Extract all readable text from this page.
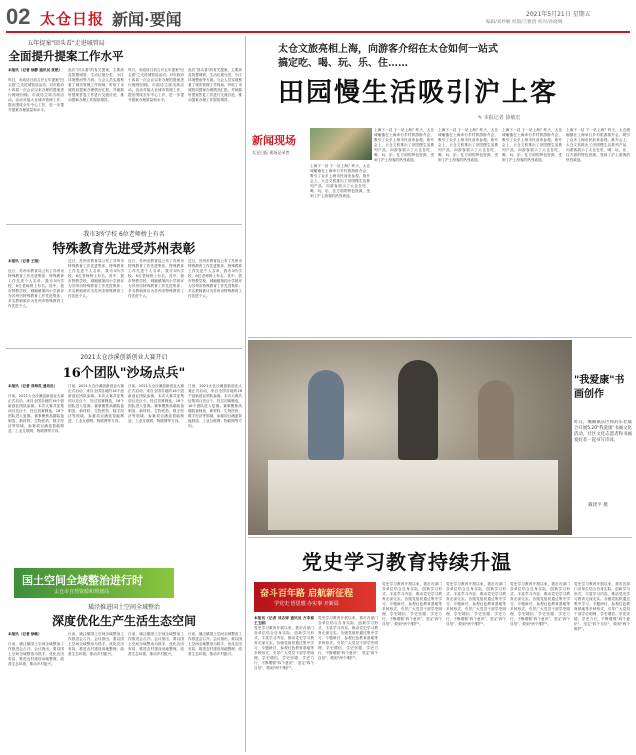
02 太仓日报 新闻·要闻	2021年5月21日 星期五
编辑/刘妙娴 校版/王雅倩 校对/孙晓晴
五年提案"回头看"走进城管局
全面提升提案工作水平
本报讯（记者 徐静 通讯员 张艳）
昨日，市政协日前召开五年提案"回头看"之走进城管局活动，对市政协十四届一次会议以来办理的提案进行梳理回顾。市政协主席出席活动。活动对接太仓城市管理工作，提出围绕全年中心工作，进一步提升提案办理质量和水平。
此次"回头看"的有关提案，主要涉及智慧城管、生活垃圾分类、小区环境整治等方面。与会人员实地察看了城市管理工作现场，听取了市城管局提案办理情况汇报，并就做好提案答复工作进行交流讨论，推动提案办理工作提质增效。
昨日，市政协日前召开五年提案"回头看"之走进城管局活动，对市政协十四届一次会议以来办理的提案进行梳理回顾。市政协主席出席活动。活动对接太仓城市管理工作，提出围绕全年中心工作，进一步提升提案办理质量和水平。
此次"回头看"的有关提案，主要涉及智慧城管、生活垃圾分类、小区环境整治等方面。与会人员实地察看了城市管理工作现场，听取了市城管局提案办理情况汇报，并就做好提案答复工作进行交流讨论，推动提案办理工作提质增效。
我市3所学校 6位老师榜上有名
特殊教育先进受苏州表彰
本报讯（记者 王娟）
近日，苏州市教育局公布了苏州市特殊教育工作先进集体、特殊教育工作先进个人名单，我市3所学校、6位老师榜上有名。其中，我市特教学校、城厢镇第四小学被评为苏州市特殊教育工作先进集体；多名教师被评为苏州市特殊教育工作先进个人。
近日，苏州市教育局公布了苏州市特殊教育工作先进集体、特殊教育工作先进个人名单，我市3所学校、6位老师榜上有名。其中，我市特教学校、城厢镇第四小学被评为苏州市特殊教育工作先进集体；多名教师被评为苏州市特殊教育工作先进个人。
近日，苏州市教育局公布了苏州市特殊教育工作先进集体、特殊教育工作先进个人名单，我市3所学校、6位老师榜上有名。其中，我市特教学校、城厢镇第四小学被评为苏州市特殊教育工作先进集体；多名教师被评为苏州市特殊教育工作先进个人。
近日，苏州市教育局公布了苏州市特殊教育工作先进集体、特殊教育工作先进个人名单，我市3所学校、6位老师榜上有名。其中，我市特教学校、城厢镇第四小学被评为苏州市特殊教育工作先进集体；多名教师被评为苏州市特殊教育工作先进个人。
2021太仓沙溪创新创业大赛开启
16个团队"沙场点兵"
本报讯（记者 苗海英 通讯员）
日前，2021太仓沙溪创新创业大赛正式启动，来自全国各地的16个创新创业团队参赛。本次大赛共征集项目近百个，经过初赛筛选，16个团队进入复赛。赛事聚焦高端装备制造、新材料、生物医药、数字经济等领域，参赛项目涵盖智能制造、工业互联网、物联网等方向。
日前，2021太仓沙溪创新创业大赛正式启动，来自全国各地的16个创新创业团队参赛。本次大赛共征集项目近百个，经过初赛筛选，16个团队进入复赛。赛事聚焦高端装备制造、新材料、生物医药、数字经济等领域，参赛项目涵盖智能制造、工业互联网、物联网等方向。
日前，2021太仓沙溪创新创业大赛正式启动，来自全国各地的16个创新创业团队参赛。本次大赛共征集项目近百个，经过初赛筛选，16个团队进入复赛。赛事聚焦高端装备制造、新材料、生物医药、数字经济等领域，参赛项目涵盖智能制造、工业互联网、物联网等方向。
日前，2021太仓沙溪创新创业大赛正式启动，来自全国各地的16个创新创业团队参赛。本次大赛共征集项目近百个，经过初赛筛选，16个团队进入复赛。赛事聚焦高端装备制造、新材料、生物医药、数字经济等领域，参赛项目涵盖智能制造、工业互联网、物联网等方向。
国土空间全域整治进行时
太仓市自然资源和规划局
璜泾推进国土空间全域整治
深度优化生产生活生态空间
本报讯（记者 徐敏）
日前，璜泾镇国土空间全域整治工作推进会召开。会议指出，要以国土空间全域整治为抓手，优化农田布局，推进农村建设用地整理，改善生态环境，推动乡村振兴。
日前，璜泾镇国土空间全域整治工作推进会召开。会议指出，要以国土空间全域整治为抓手，优化农田布局，推进农村建设用地整理，改善生态环境，推动乡村振兴。
日前，璜泾镇国土空间全域整治工作推进会召开。会议指出，要以国土空间全域整治为抓手，优化农田布局，推进农村建设用地整理，改善生态环境，推动乡村振兴。
日前，璜泾镇国土空间全域整治工作推进会召开。会议指出，要以国土空间全域整治为抓手，优化农田布局，推进农村建设用地整理，改善生态环境，推动乡村振兴。
太仓文旅亮相上海，向游客介绍在太仓如何一站式
搞定吃、喝、玩、乐、住……
田园慢生活吸引沪上客
✎ 本报记者 徐敏宏
新闻现场
太仓日报 现场记录者
上海下一站 下一站上海？昨天，太仓城厢镇在上海举行乡村旅游推介会，吸引了众多上海市民前来参观。推介会上，太仓文旅推出了田园慢生活系列产品，向游客展示了太仓在吃、喝、玩、乐、住方面的特色资源，受到了沪上游客的热烈欢迎。
上海下一站 下一站上海？昨天，太仓城厢镇在上海举行乡村旅游推介会，吸引了众多上海市民前来参观。推介会上，太仓文旅推出了田园慢生活系列产品，向游客展示了太仓在吃、喝、玩、乐、住方面的特色资源，受到了沪上游客的热烈欢迎。
上海下一站 下一站上海？昨天，太仓城厢镇在上海举行乡村旅游推介会，吸引了众多上海市民前来参观。推介会上，太仓文旅推出了田园慢生活系列产品，向游客展示了太仓在吃、喝、玩、乐、住方面的特色资源，受到了沪上游客的热烈欢迎。
上海下一站 下一站上海？昨天，太仓城厢镇在上海举行乡村旅游推介会，吸引了众多上海市民前来参观。推介会上，太仓文旅推出了田园慢生活系列产品，向游客展示了太仓在吃、喝、玩、乐、住方面的特色资源，受到了沪上游客的热烈欢迎。
上海下一站 下一站上海？昨天，太仓城厢镇在上海举行乡村旅游推介会，吸引了众多上海市民前来参观。推介会上，太仓文旅推出了田园慢生活系列产品，向游客展示了太仓在吃、喝、玩、乐、住方面的特色资源，受到了沪上游客的热烈欢迎。
"我爱康"书画创作
昨日，城厢镇东区和府东社联合开展5.20"我爱康"书画文化活动，社区文化志愿者和书画爱好者一起书写诗词。
戴建平 摄
党史学习教育持续升温
奋斗百年路 启航新征程
学党史 悟思想 办实事 开新局
本报讯（记者 刘志婷 通讯员 方李春 王玉娟）
党史学习教育开展以来，我市各部门各单位结合自身实际，创新学习形式，丰富学习内容，推动党史学习教育走深走实。各级党组织通过集中学习、专题研讨、参观红色教育基地等多种形式，引导广大党员干部学史明理、学史增信、学史崇德、学史力行，不断增强"四个意识"、坚定"四个自信"、做到"两个维护"。
党史学习教育开展以来，我市各部门各单位结合自身实际，创新学习形式，丰富学习内容，推动党史学习教育走深走实。各级党组织通过集中学习、专题研讨、参观红色教育基地等多种形式，引导广大党员干部学史明理、学史增信、学史崇德、学史力行，不断增强"四个意识"、坚定"四个自信"、做到"两个维护"。
党史学习教育开展以来，我市各部门各单位结合自身实际，创新学习形式，丰富学习内容，推动党史学习教育走深走实。各级党组织通过集中学习、专题研讨、参观红色教育基地等多种形式，引导广大党员干部学史明理、学史增信、学史崇德、学史力行，不断增强"四个意识"、坚定"四个自信"、做到"两个维护"。
党史学习教育开展以来，我市各部门各单位结合自身实际，创新学习形式，丰富学习内容，推动党史学习教育走深走实。各级党组织通过集中学习、专题研讨、参观红色教育基地等多种形式，引导广大党员干部学史明理、学史增信、学史崇德、学史力行，不断增强"四个意识"、坚定"四个自信"、做到"两个维护"。
党史学习教育开展以来，我市各部门各单位结合自身实际，创新学习形式，丰富学习内容，推动党史学习教育走深走实。各级党组织通过集中学习、专题研讨、参观红色教育基地等多种形式，引导广大党员干部学史明理、学史增信、学史崇德、学史力行，不断增强"四个意识"、坚定"四个自信"、做到"两个维护"。
党史学习教育开展以来，我市各部门各单位结合自身实际，创新学习形式，丰富学习内容，推动党史学习教育走深走实。各级党组织通过集中学习、专题研讨、参观红色教育基地等多种形式，引导广大党员干部学史明理、学史增信、学史崇德、学史力行，不断增强"四个意识"、坚定"四个自信"、做到"两个维护"。
